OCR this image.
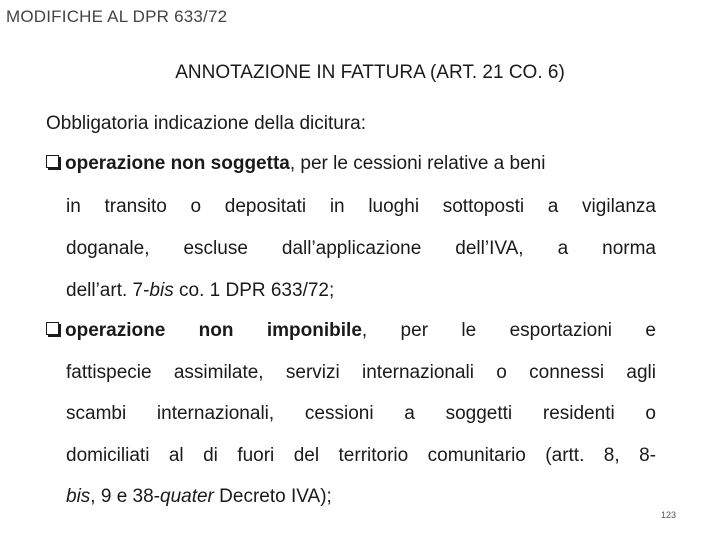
MODIFICHE AL DPR 633/72
ANNOTAZIONE IN FATTURA (ART. 21 CO. 6)
Obbligatoria indicazione della dicitura:
operazione non soggetta, per le cessioni relative a beni
in transito o depositati in luoghi sottoposti a vigilanza
doganale, escluse dall’applicazione dell’IVA, a norma
dell’art. 7-bis co. 1 DPR 633/72;
operazione non imponibile, per le esportazioni e
fattispecie assimilate, servizi internazionali o connessi agli
scambi internazionali, cessioni a soggetti residenti o
domiciliati al di fuori del territorio comunitario (artt. 8, 8-
bis, 9 e 38-quater Decreto IVA);
123
